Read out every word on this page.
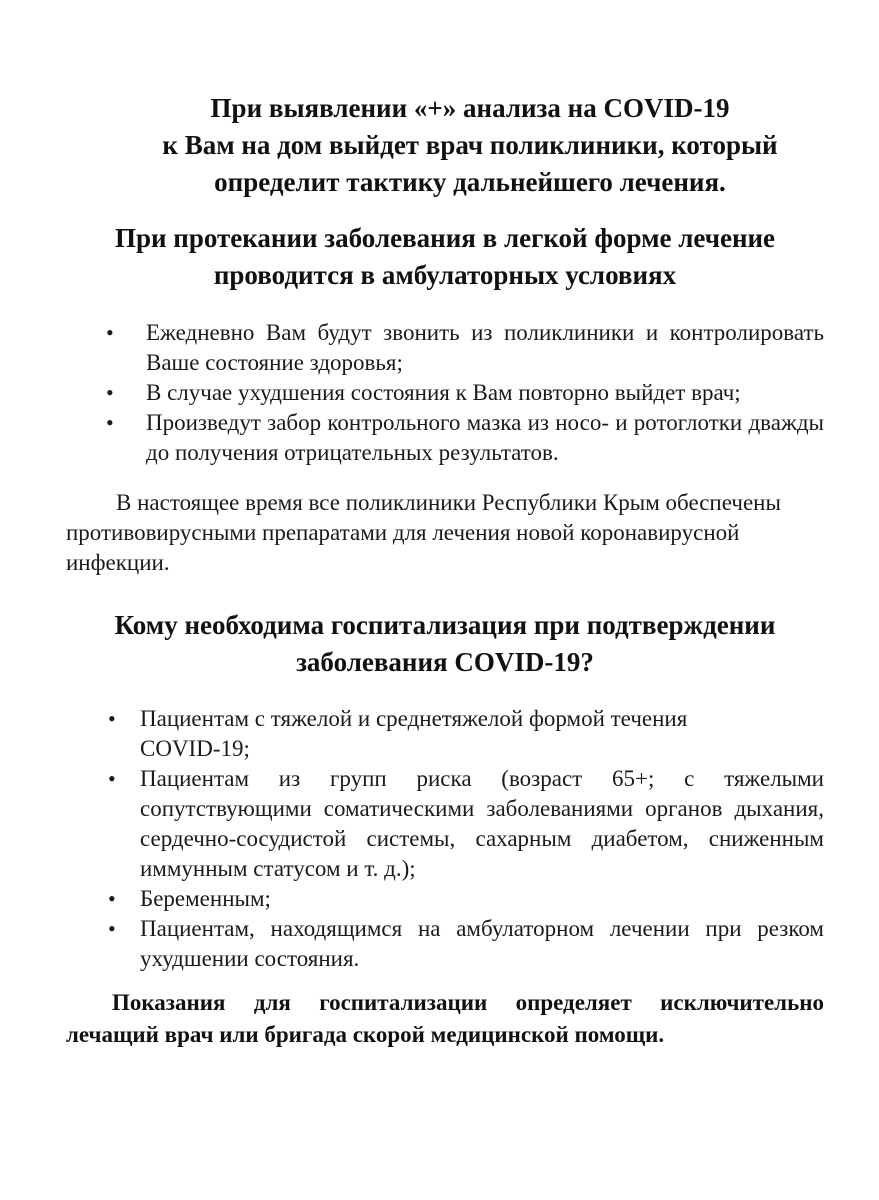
При выявлении «+» анализа на COVID-19
к Вам на дом выйдет врач поликлиники, который
определит тактику дальнейшего лечения.
При протекании заболевания в легкой форме лечение
проводится в амбулаторных условиях
• Ежедневно Вам будут звонить из поликлиники и контролировать Ваше состояние здоровья;
• В случае ухудшения состояния к Вам повторно выйдет врач;
• Произведут забор контрольного мазка из носо- и ротоглотки дважды до получения отрицательных результатов.
В настоящее время все поликлиники Республики Крым обеспечены противовирусными препаратами для лечения новой коронавирусной инфекции.
Кому необходима госпитализация при подтверждении
заболевания COVID-19?
•	Пациентам с тяжелой и среднетяжелой формой течения COVID-19;
• Пациентам из групп риска (возраст 65+; с тяжелыми сопутствующими соматическими заболеваниями органов дыхания, сердечно-сосудистой системы, сахарным диабетом, сниженным иммунным статусом и т. д.);
• Беременным;
• Пациентам, находящимся на амбулаторном лечении при резком ухудшении состояния.
Показания для госпитализации определяет исключительно лечащий врач или бригада скорой медицинской помощи.
